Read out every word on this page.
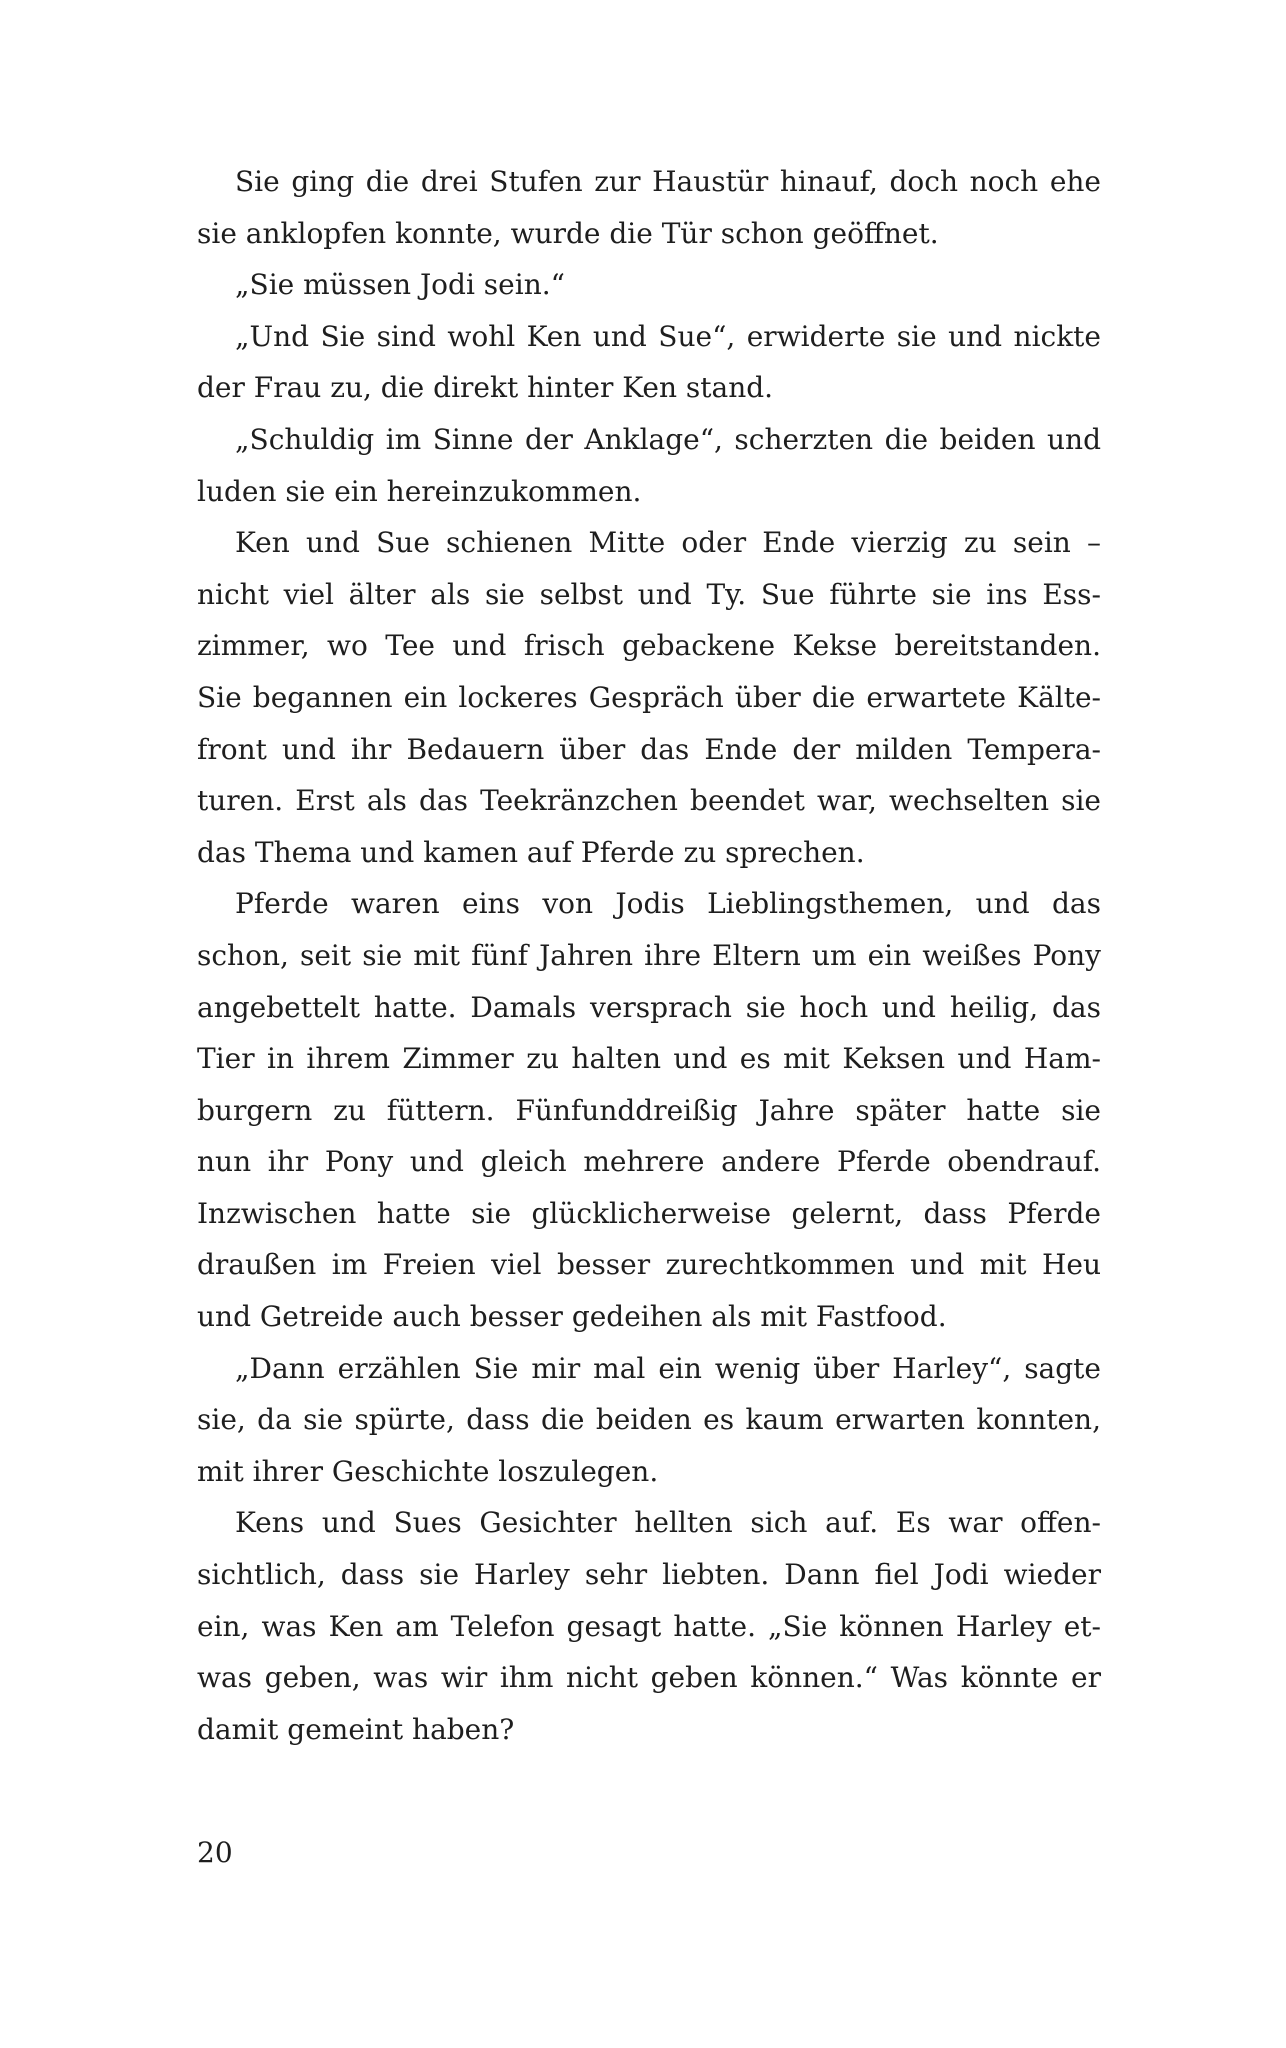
Sie ging die drei Stufen zur Haustür hinauf, doch noch ehe
sie anklopfen konnte, wurde die Tür schon geöffnet.
„Sie müssen Jodi sein.“
„Und Sie sind wohl Ken und Sue“, erwiderte sie und nickte
der Frau zu, die direkt hinter Ken stand.
„Schuldig im Sinne der Anklage“, scherzten die beiden und
luden sie ein hereinzukommen.
Ken und Sue schienen Mitte oder Ende vierzig zu sein –
nicht viel älter als sie selbst und Ty. Sue führte sie ins Ess-
zimmer, wo Tee und frisch gebackene Kekse bereitstanden.
Sie begannen ein lockeres Gespräch über die erwartete Kälte-
front und ihr Bedauern über das Ende der milden Tempera-
turen. Erst als das Teekränzchen beendet war, wechselten sie
das Thema und kamen auf Pferde zu sprechen.
Pferde waren eins von Jodis Lieblingsthemen, und das
schon, seit sie mit fünf Jahren ihre Eltern um ein weißes Pony
angebettelt hatte. Damals versprach sie hoch und heilig, das
Tier in ihrem Zimmer zu halten und es mit Keksen und Ham-
burgern zu füttern. Fünfunddreißig Jahre später hatte sie
nun ihr Pony und gleich mehrere andere Pferde obendrauf.
Inzwischen hatte sie glücklicherweise gelernt, dass Pferde
draußen im Freien viel besser zurechtkommen und mit Heu
und Getreide auch besser gedeihen als mit Fastfood.
„Dann erzählen Sie mir mal ein wenig über Harley“, sagte
sie, da sie spürte, dass die beiden es kaum erwarten konnten,
mit ihrer Geschichte loszulegen.
Kens und Sues Gesichter hellten sich auf. Es war offen-
sichtlich, dass sie Harley sehr liebten. Dann fiel Jodi wieder
ein, was Ken am Telefon gesagt hatte. „Sie können Harley et-
was geben, was wir ihm nicht geben können.“ Was könnte er
damit gemeint haben?
20
